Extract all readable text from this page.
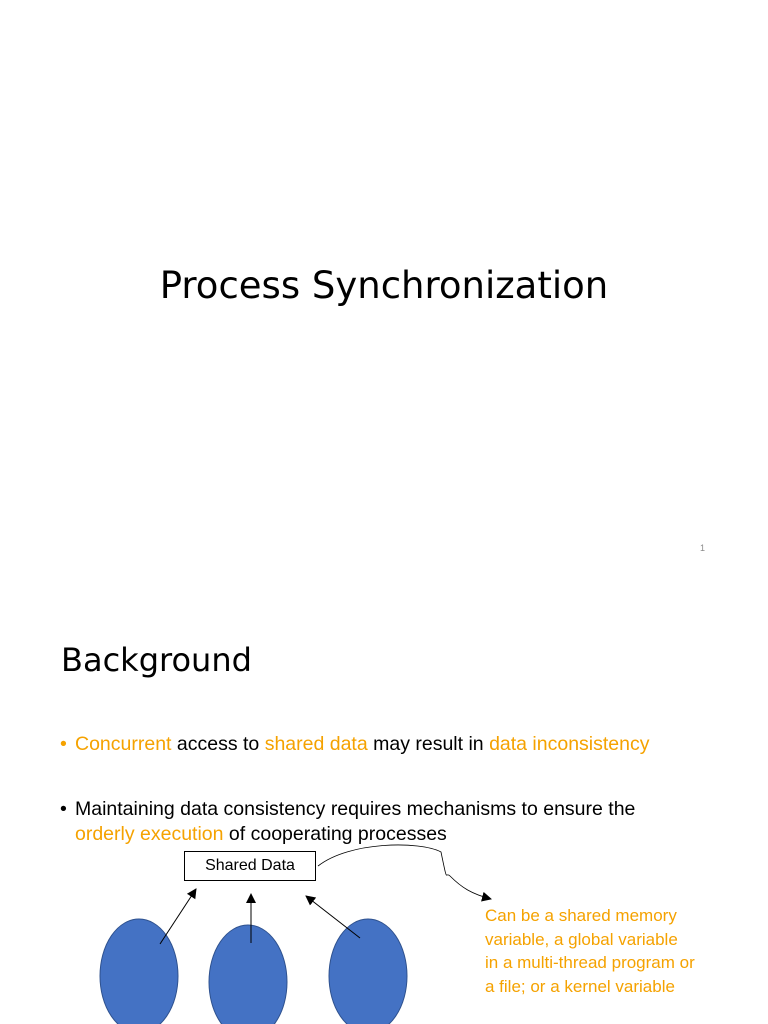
Process Synchronization
1
Background
• Concurrent access to shared data may result in data inconsistency
• Maintaining data consistency requires mechanisms to ensure the
orderly execution of cooperating processes
Shared Data
Can be a shared memory
variable, a global variable
in a multi-thread program or
a file; or a kernel variable
